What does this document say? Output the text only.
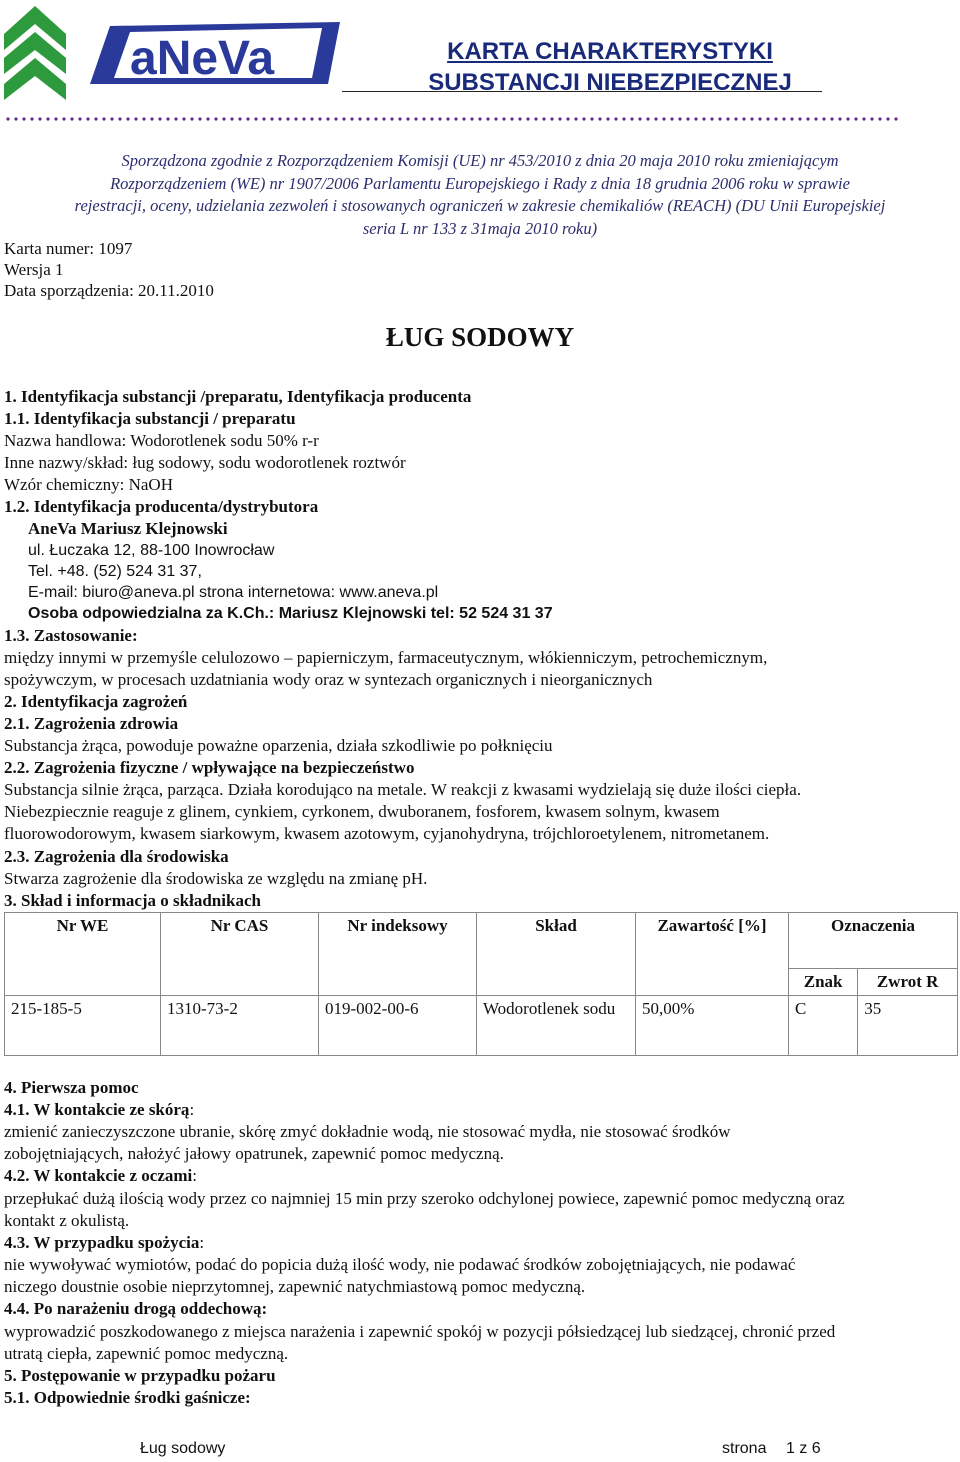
aNeVa	KARTA CHARAKTERYSTYKI
SUBSTANCJI NIEBEZPIECZNEJ
Sporządzona zgodnie z Rozporządzeniem Komisji (UE) nr 453/2010 z dnia 20 maja 2010 roku zmieniającym
Rozporządzeniem (WE) nr 1907/2006 Parlamentu Europejskiego i Rady z dnia 18 grudnia 2006 roku w sprawie
rejestracji, oceny, udzielania zezwoleń i stosowanych ograniczeń w zakresie chemikaliów (REACH) (DU Unii Europejskiej
seria L nr 133 z 31maja 2010 roku)
Karta numer: 1097
Wersja 1
Data sporządzenia: 20.11.2010
ŁUG SODOWY
1. Identyfikacja substancji /preparatu, Identyfikacja producenta
1.1. Identyfikacja substancji / preparatu
Nazwa handlowa: Wodorotlenek sodu 50% r-r
Inne nazwy/skład: ług sodowy, sodu wodorotlenek roztwór
Wzór chemiczny: NaOH
1.2. Identyfikacja producenta/dystrybutora
AneVa Mariusz Klejnowski
ul. Łuczaka 12, 88-100 Inowrocław
Tel. +48. (52) 524 31 37,
E-mail: biuro@aneva.pl strona internetowa: www.aneva.pl
Osoba odpowiedzialna za K.Ch.: Mariusz Klejnowski tel: 52 524 31 37
1.3. Zastosowanie:
między innymi w przemyśle celulozowo – papierniczym, farmaceutycznym, włókienniczym, petrochemicznym,
spożywczym, w procesach uzdatniania wody oraz w syntezach organicznych i nieorganicznych
2. Identyfikacja zagrożeń
2.1. Zagrożenia zdrowia
Substancja żrąca, powoduje poważne oparzenia, działa szkodliwie po połknięciu
2.2. Zagrożenia fizyczne / wpływające na bezpieczeństwo
Substancja silnie żrąca, parząca. Działa korodująco na metale. W reakcji z kwasami wydzielają się duże ilości ciepła.
Niebezpiecznie reaguje z glinem, cynkiem, cyrkonem, dwuboranem, fosforem, kwasem solnym, kwasem
fluorowodorowym, kwasem siarkowym, kwasem azotowym, cyjanohydryna, trójchloroetylenem, nitrometanem.
2.3. Zagrożenia dla środowiska
Stwarza zagrożenie dla środowiska ze względu na zmianę pH.
3. Skład i informacja o składnikach
Nr WE	Nr CAS	Nr indeksowy	Skład	Zawartość [%]	Oznaczenia	
					Znak	Zwrot R
215-185-5	1310-73-2	019-002-00-6	Wodorotlenek sodu	50,00%	C	35
4. Pierwsza pomoc
4.1. W kontakcie ze skórą:
zmienić zanieczyszczone ubranie, skórę zmyć dokładnie wodą, nie stosować mydła, nie stosować środków
zobojętniających, nałożyć jałowy opatrunek, zapewnić pomoc medyczną.
4.2. W kontakcie z oczami:
przepłukać dużą ilością wody przez co najmniej 15 min przy szeroko odchylonej powiece, zapewnić pomoc medyczną oraz
kontakt z okulistą.
4.3. W przypadku spożycia:
nie wywoływać wymiotów, podać do popicia dużą ilość wody, nie podawać środków zobojętniających, nie podawać
niczego doustnie osobie nieprzytomnej, zapewnić natychmiastową pomoc medyczną.
4.4. Po narażeniu drogą oddechową:
wyprowadzić poszkodowanego z miejsca narażenia i zapewnić spokój w pozycji półsiedzącej lub siedzącej, chronić przed
utratą ciepła, zapewnić pomoc medyczną.
5. Postępowanie w przypadku pożaru
5.1. Odpowiednie środki gaśnicze:
Ług sodowy	strona 1 z 6
